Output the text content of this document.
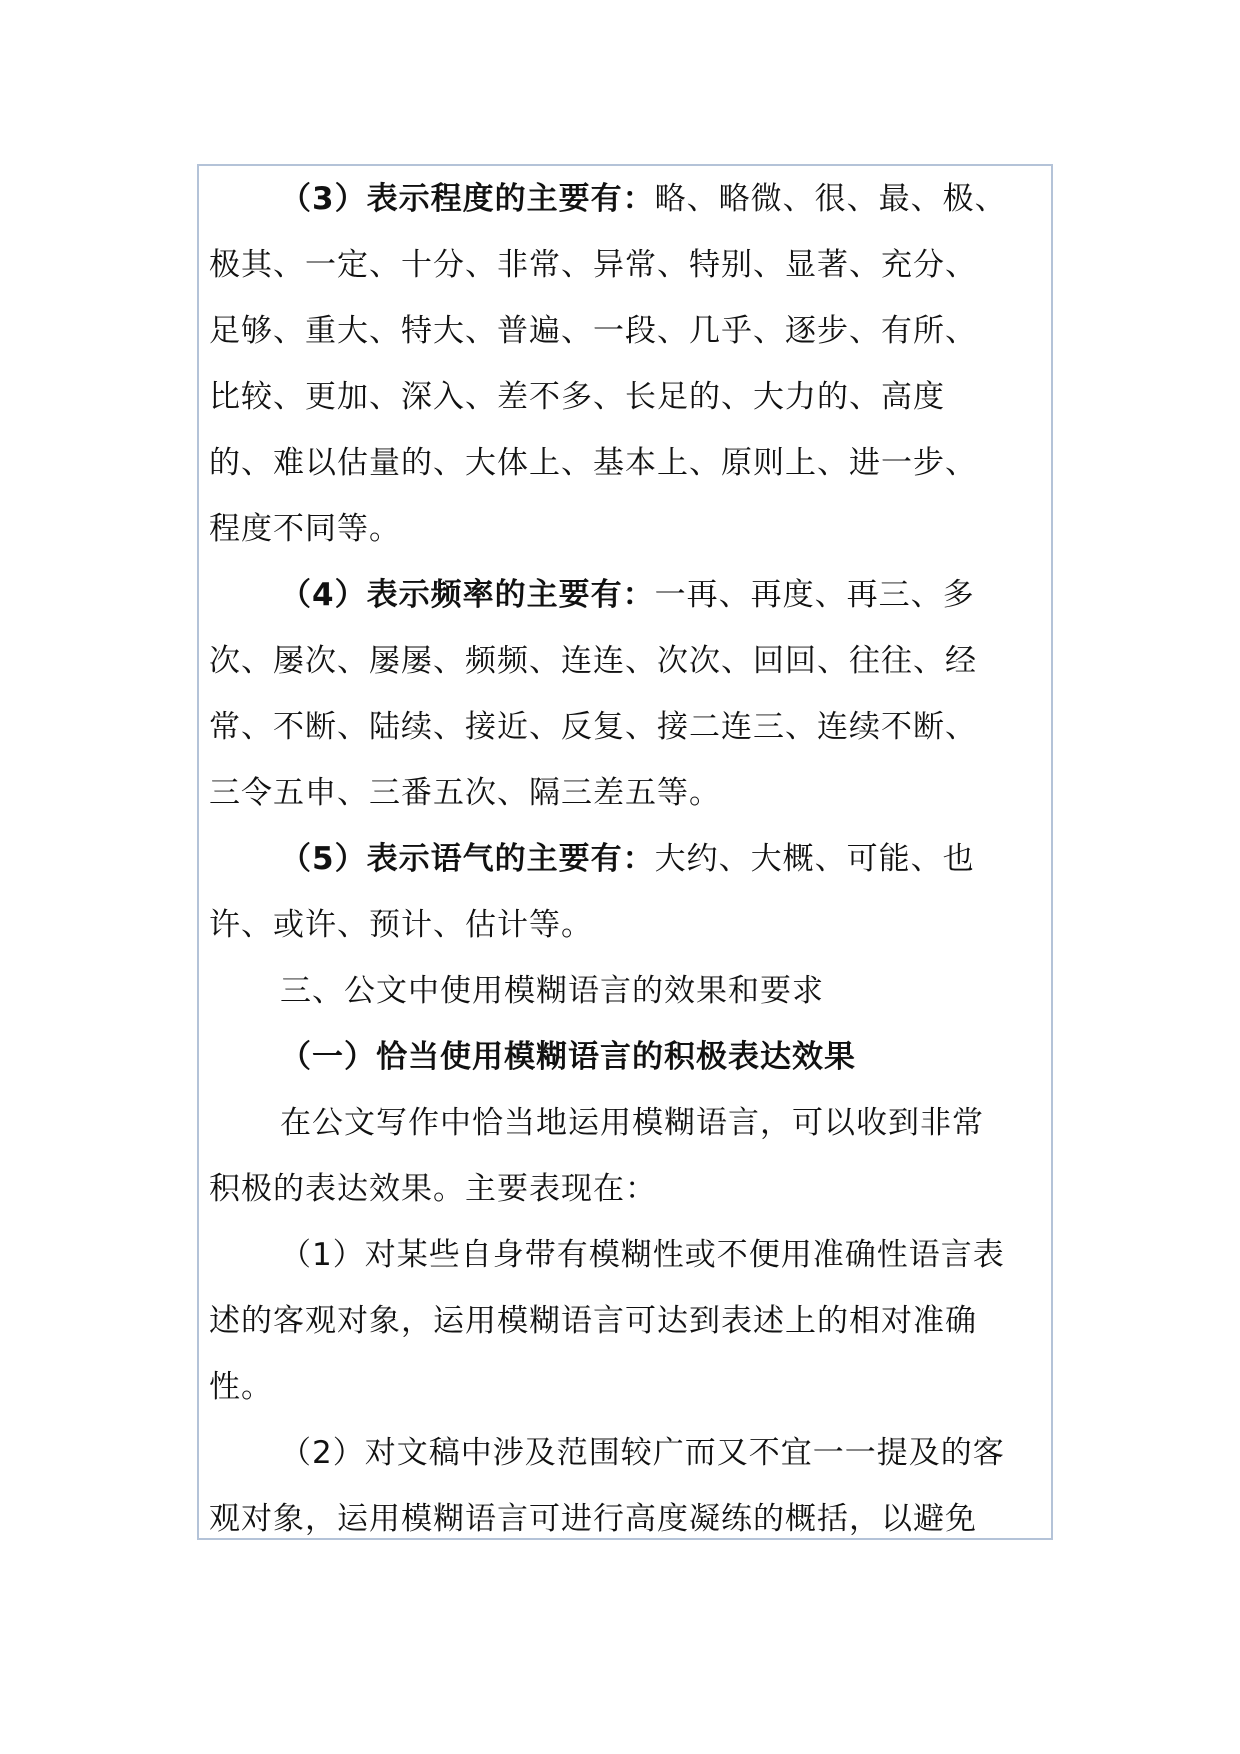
（3）表示程度的主要有：略、略微、很、最、极、
极其、一定、十分、非常、异常、特别、显著、充分、
足够、重大、特大、普遍、一段、几乎、逐步、有所、
比较、更加、深入、差不多、长足的、大力的、高度
的、难以估量的、大体上、基本上、原则上、进一步、
程度不同等。
（4）表示频率的主要有：一再、再度、再三、多
次、屡次、屡屡、频频、连连、次次、回回、往往、经
常、不断、陆续、接近、反复、接二连三、连续不断、
三令五申、三番五次、隔三差五等。
（5）表示语气的主要有：大约、大概、可能、也
许、或许、预计、估计等。
三、公文中使用模糊语言的效果和要求
（一）恰当使用模糊语言的积极表达效果
在公文写作中恰当地运用模糊语言，可以收到非常
积极的表达效果。主要表现在：
（1）对某些自身带有模糊性或不便用准确性语言表
述的客观对象，运用模糊语言可达到表述上的相对准确
性。
（2）对文稿中涉及范围较广而又不宜一一提及的客
观对象，运用模糊语言可进行高度凝练的概括，以避免
